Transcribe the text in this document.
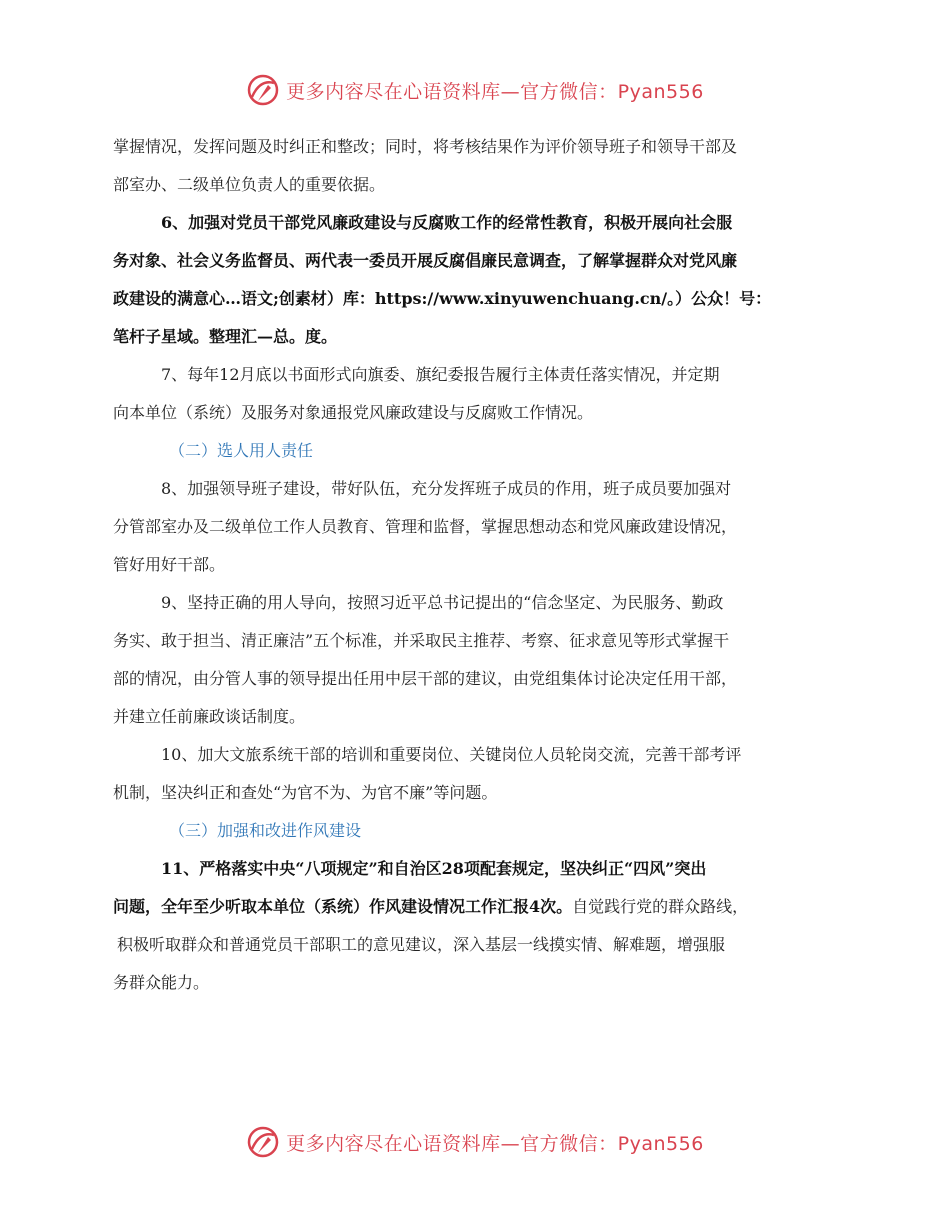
更多内容尽在心语资料库—官方微信：Pyan556
掌握情况，发挥问题及时纠正和整改；同时，将考核结果作为评价领导班子和领导干部及
部室办、二级单位负责人的重要依据。
6、加强对党员干部党风廉政建设与反腐败工作的经常性教育，积极开展向社会服
务对象、社会义务监督员、两代表一委员开展反腐倡廉民意调查，了解掌握群众对党风廉
政建设的满意心…语文;创素材）库：https://www.xinyuwenchuang.cn/。）公众！号：
笔杆子星域。整理汇—总。度。
7、每年12月底以书面形式向旗委、旗纪委报告履行主体责任落实情况，并定期
向本单位（系统）及服务对象通报党风廉政建设与反腐败工作情况。
（二）选人用人责任
8、加强领导班子建设，带好队伍，充分发挥班子成员的作用，班子成员要加强对
分管部室办及二级单位工作人员教育、管理和监督，掌握思想动态和党风廉政建设情况，
管好用好干部。
9、坚持正确的用人导向，按照习近平总书记提出的“信念坚定、为民服务、勤政
务实、敢于担当、清正廉洁”五个标准，并采取民主推荐、考察、征求意见等形式掌握干
部的情况，由分管人事的领导提出任用中层干部的建议，由党组集体讨论决定任用干部，
并建立任前廉政谈话制度。
10、加大文旅系统干部的培训和重要岗位、关键岗位人员轮岗交流，完善干部考评
机制，坚决纠正和查处“为官不为、为官不廉”等问题。
（三）加强和改进作风建设
11、严格落实中央“八项规定”和自治区28项配套规定，坚决纠正“四风”突出
问题，全年至少听取本单位（系统）作风建设情况工作汇报4次。自觉践行党的群众路线，
积极听取群众和普通党员干部职工的意见建议，深入基层一线摸实情、解难题，增强服
务群众能力。
更多内容尽在心语资料库—官方微信：Pyan556
